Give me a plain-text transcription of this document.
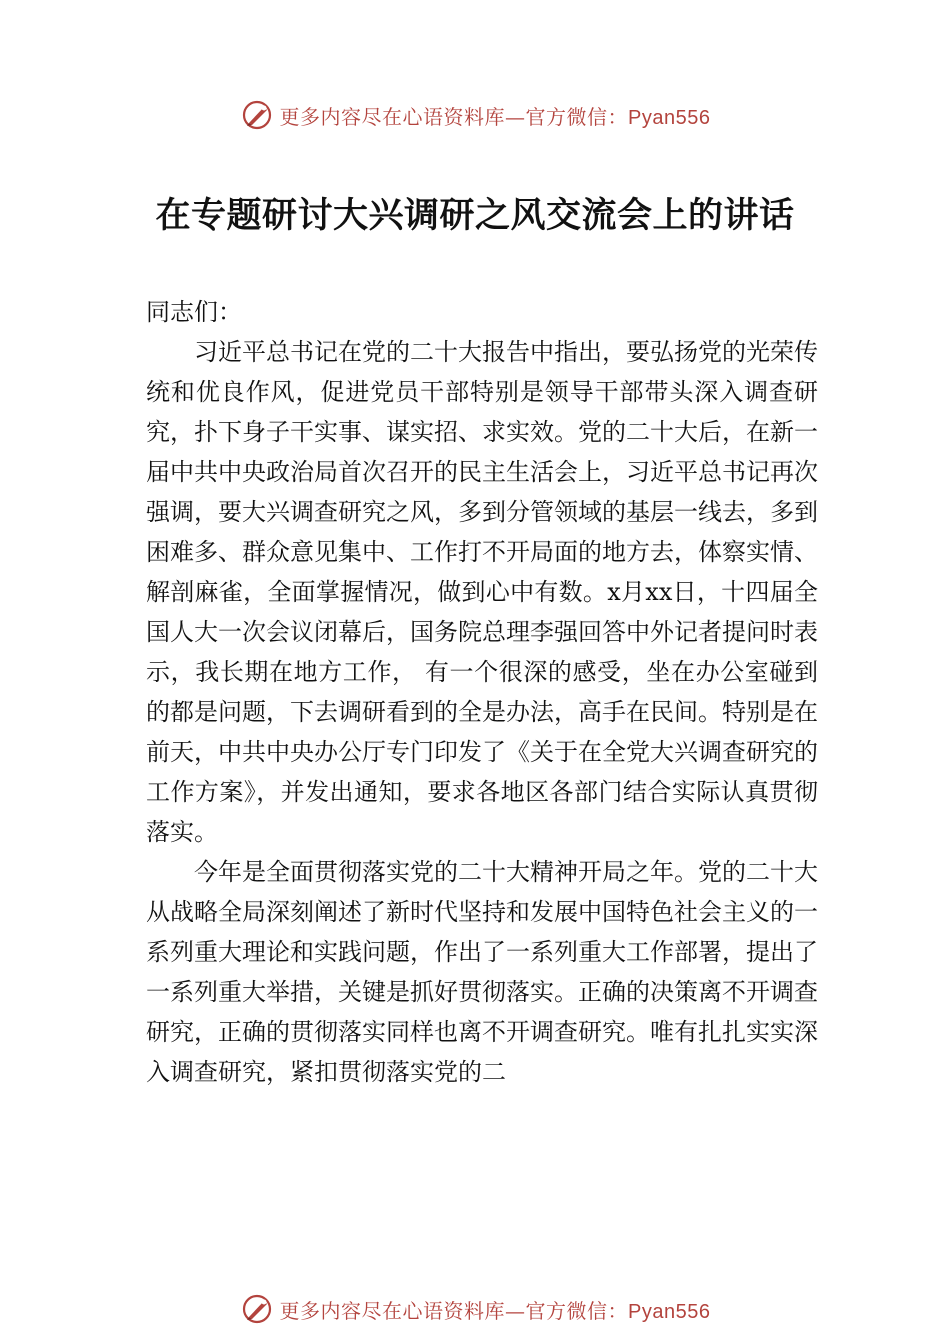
更多内容尽在心语资料库—官方微信：Pyan556
在专题研讨大兴调研之风交流会上的讲话

同志们：

习近平总书记在党的二十大报告中指出，要弘扬党的光荣传统和优良作风，促进党员干部特别是领导干部带头深入调查研究，扑下身子干实事、谋实招、求实效。党的二十大后，在新一届中共中央政治局首次召开的民主生活会上，习近平总书记再次强调，要大兴调查研究之风，多到分管领域的基层一线去，多到困难多、群众意见集中、工作打不开局面的地方去，体察实情、解剖麻雀，全面掌握情况，做到心中有数。x月xx日，十四届全国人大一次会议闭幕后，国务院总理李强回答中外记者提问时表示，我长期在地方工作， 有一个很深的感受，坐在办公室碰到的都是问题，下去调研看到的全是办法，高手在民间。特别是在前天，中共中央办公厅专门印发了《关于在全党大兴调查研究的工作方案》，并发出通知，要求各地区各部门结合实际认真贯彻落实。

今年是全面贯彻落实党的二十大精神开局之年。党的二十大从战略全局深刻阐述了新时代坚持和发展中国特色社会主义的一系列重大理论和实践问题，作出了一系列重大工作部署，提出了一系列重大举措，关键是抓好贯彻落实。正确的决策离不开调查研究，正确的贯彻落实同样也离不开调查研究。唯有扎扎实实深入调查研究，紧扣贯彻落实党的二

更多内容尽在心语资料库—官方微信：Pyan556
